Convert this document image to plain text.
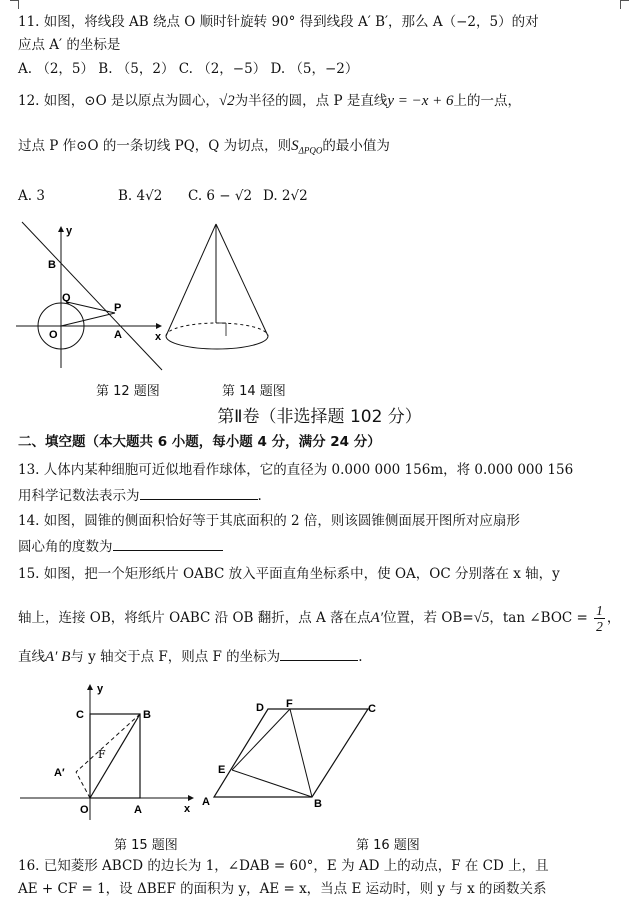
11. 如图，将线段 AB 绕点 O 顺时针旋转 90° 得到线段 A′ B′，那么 A（−2，5）的对
应点 A′ 的坐标是
A. （2，5） B. （5，2） C. （2，−5） D. （5，−2）
12. 如图，⊙O 是以原点为圆心，√2为半径的圆，点 P 是直线y = −x + 6上的一点，
过点 P 作⊙O 的一条切线 PQ，Q 为切点，则$S_{\Delta PQO}$的最小值为
A. 3	B. 4√2 C. 6 − √2 D. 2√2
y
B
Q
P
O	A	x
第 12 题图	第 14 题图
第Ⅱ卷（非选择题 102 分）
二、填空题（本大题共 6 小题，每小题 4 分，满分 24 分）
13. 人体内某种细胞可近似地看作球体，它的直径为 0.000 000 156m，将 0.000 000 156
用科学记数法表示为	.
14. 如图，圆锥的侧面积恰好等于其底面积的 2 倍，则该圆锥侧面展开图所对应扇形
圆心角的度数为
15. 如图，把一个矩形纸片 OABC 放入平面直角坐标系中，使 OA，OC 分别落在 x 轴，y
轴上，连接 OB，将纸片 OABC 沿 OB 翻折，点 A 落在点A′位置，若 OB=√5，tan ∠BOC = $\frac{1}{2}$ ，
直线A′ B与 y 轴交于点 F，则点 F 的坐标为	.
y
C	B
F
A′
O	A	x
D F	C
E
A	B
第 15 题图	第 16 题图
16. 已知菱形 ABCD 的边长为 1，∠DAB = 60°，E 为 AD 上的动点，F 在 CD 上，且
AE + CF = 1，设 ΔBEF 的面积为 y，AE = x，当点 E 运动时，则 y 与 x 的函数关系
